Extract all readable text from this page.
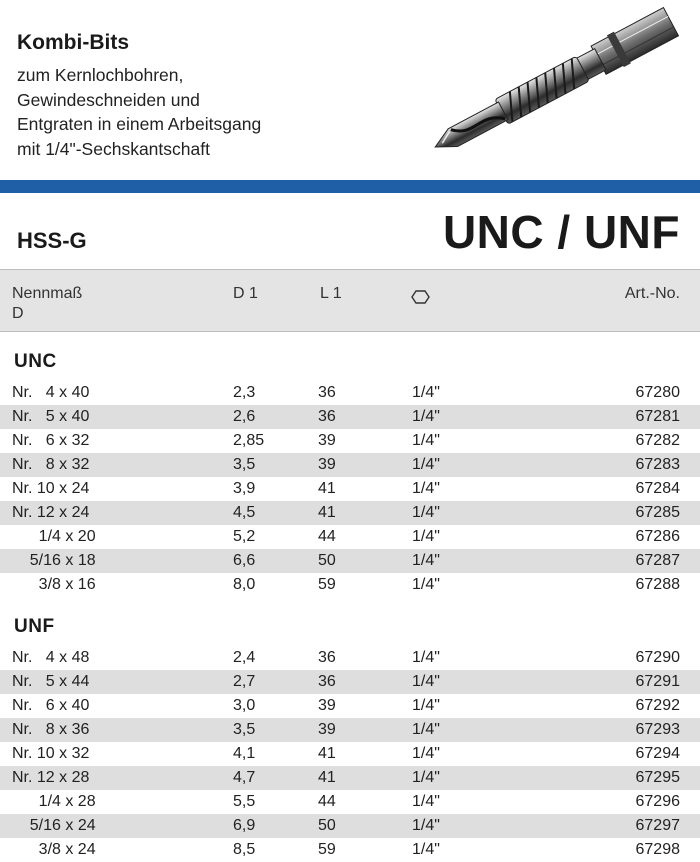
Kombi-Bits
zum Kernlochbohren,
Gewindeschneiden und
Entgraten in einem Arbeitsgang
mit 1/4"-Sechskantschaft
HSS-G	UNC / UNF
Nennmaß
D
D 1	L 1	Art.-No.
UNC
Nr.   4 x 40	2,3	36	1/4"	67280
Nr.   5 x 40	2,6	36	1/4"	67281
Nr.   6 x 32	2,85	39	1/4"	67282
Nr.   8 x 32	3,5	39	1/4"	67283
Nr. 10 x 24	3,9	41	1/4"	67284
Nr. 12 x 24	4,5	41	1/4"	67285
1/4 x 20	5,2	44	1/4"	67286
5/16 x 18	6,6	50	1/4"	67287
3/8 x 16	8,0	59	1/4"	67288
UNF
Nr.   4 x 48	2,4	36	1/4"	67290
Nr.   5 x 44	2,7	36	1/4"	67291
Nr.   6 x 40	3,0	39	1/4"	67292
Nr.   8 x 36	3,5	39	1/4"	67293
Nr. 10 x 32	4,1	41	1/4"	67294
Nr. 12 x 28	4,7	41	1/4"	67295
1/4 x 28	5,5	44	1/4"	67296
5/16 x 24	6,9	50	1/4"	67297
3/8 x 24	8,5	59	1/4"	67298
